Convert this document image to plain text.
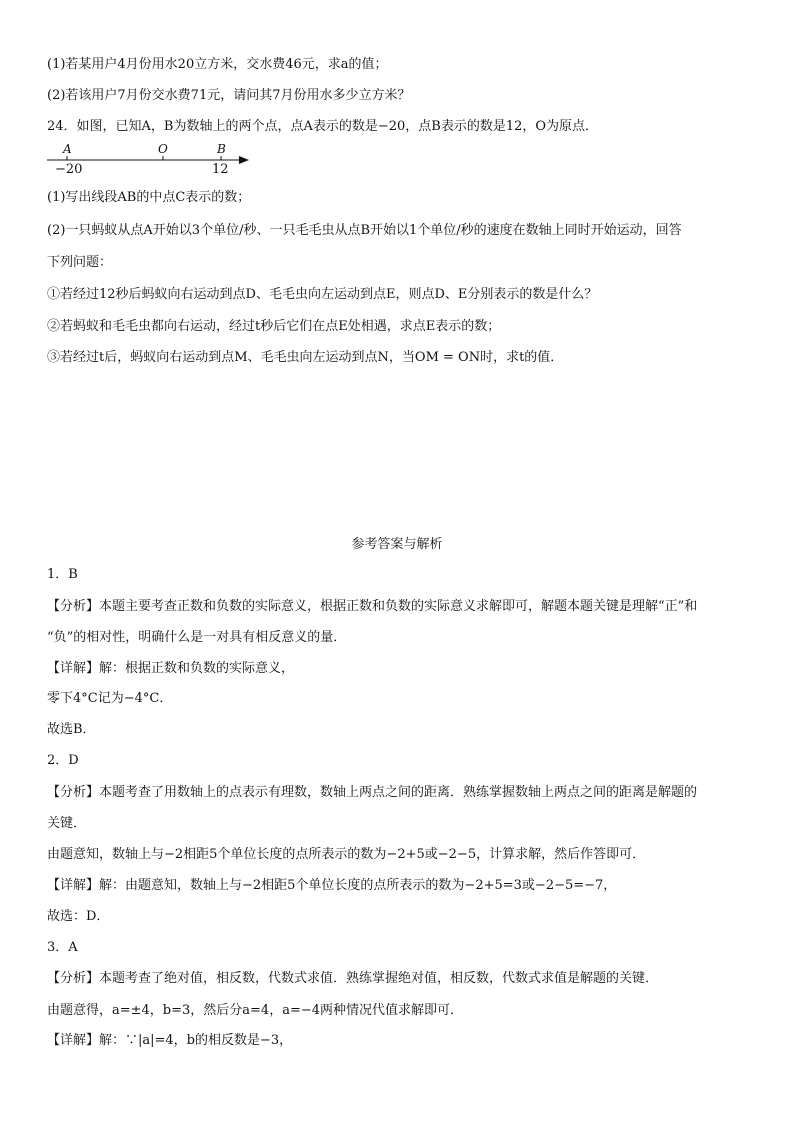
(1)若某用户4月份用水20立方米，交水费46元，求a的值；
(2)若该用户7月份交水费71元，请问其7月份用水多少立方米？
24．如图，已知A，B为数轴上的两个点，点A表示的数是−20，点B表示的数是12，O为原点．
A	O	B
−20	12
(1)写出线段AB的中点C表示的数；
(2)一只蚂蚁从点A开始以3个单位/秒、一只毛毛虫从点B开始以1个单位/秒的速度在数轴上同时开始运动，回答
下列问题：
①若经过12秒后蚂蚁向右运动到点D、毛毛虫向左运动到点E，则点D、E分别表示的数是什么？
②若蚂蚁和毛毛虫都向右运动，经过t秒后它们在点E处相遇，求点E表示的数；
③若经过t后，蚂蚁向右运动到点M、毛毛虫向左运动到点N，当OM = ON时，求t的值．
参考答案与解析
1．B
【分析】本题主要考查正数和负数的实际意义，根据正数和负数的实际意义求解即可，解题本题关键是理解“正”和
“负”的相对性，明确什么是一对具有相反意义的量．
【详解】解：根据正数和负数的实际意义，
零下4°C记为−4°C．
故选B．
2．D
【分析】本题考查了用数轴上的点表示有理数，数轴上两点之间的距离．熟练掌握数轴上两点之间的距离是解题的
关键．
由题意知，数轴上与−2相距5个单位长度的点所表示的数为−2+5或−2−5，计算求解，然后作答即可．
【详解】解：由题意知，数轴上与−2相距5个单位长度的点所表示的数为−2+5=3或−2−5=−7，
故选：D．
3．A
【分析】本题考查了绝对值，相反数，代数式求值．熟练掌握绝对值，相反数，代数式求值是解题的关键．
由题意得，a=±4，b=3，然后分a=4，a=−4两种情况代值求解即可．
【详解】解：∵|a|=4，b的相反数是−3，
